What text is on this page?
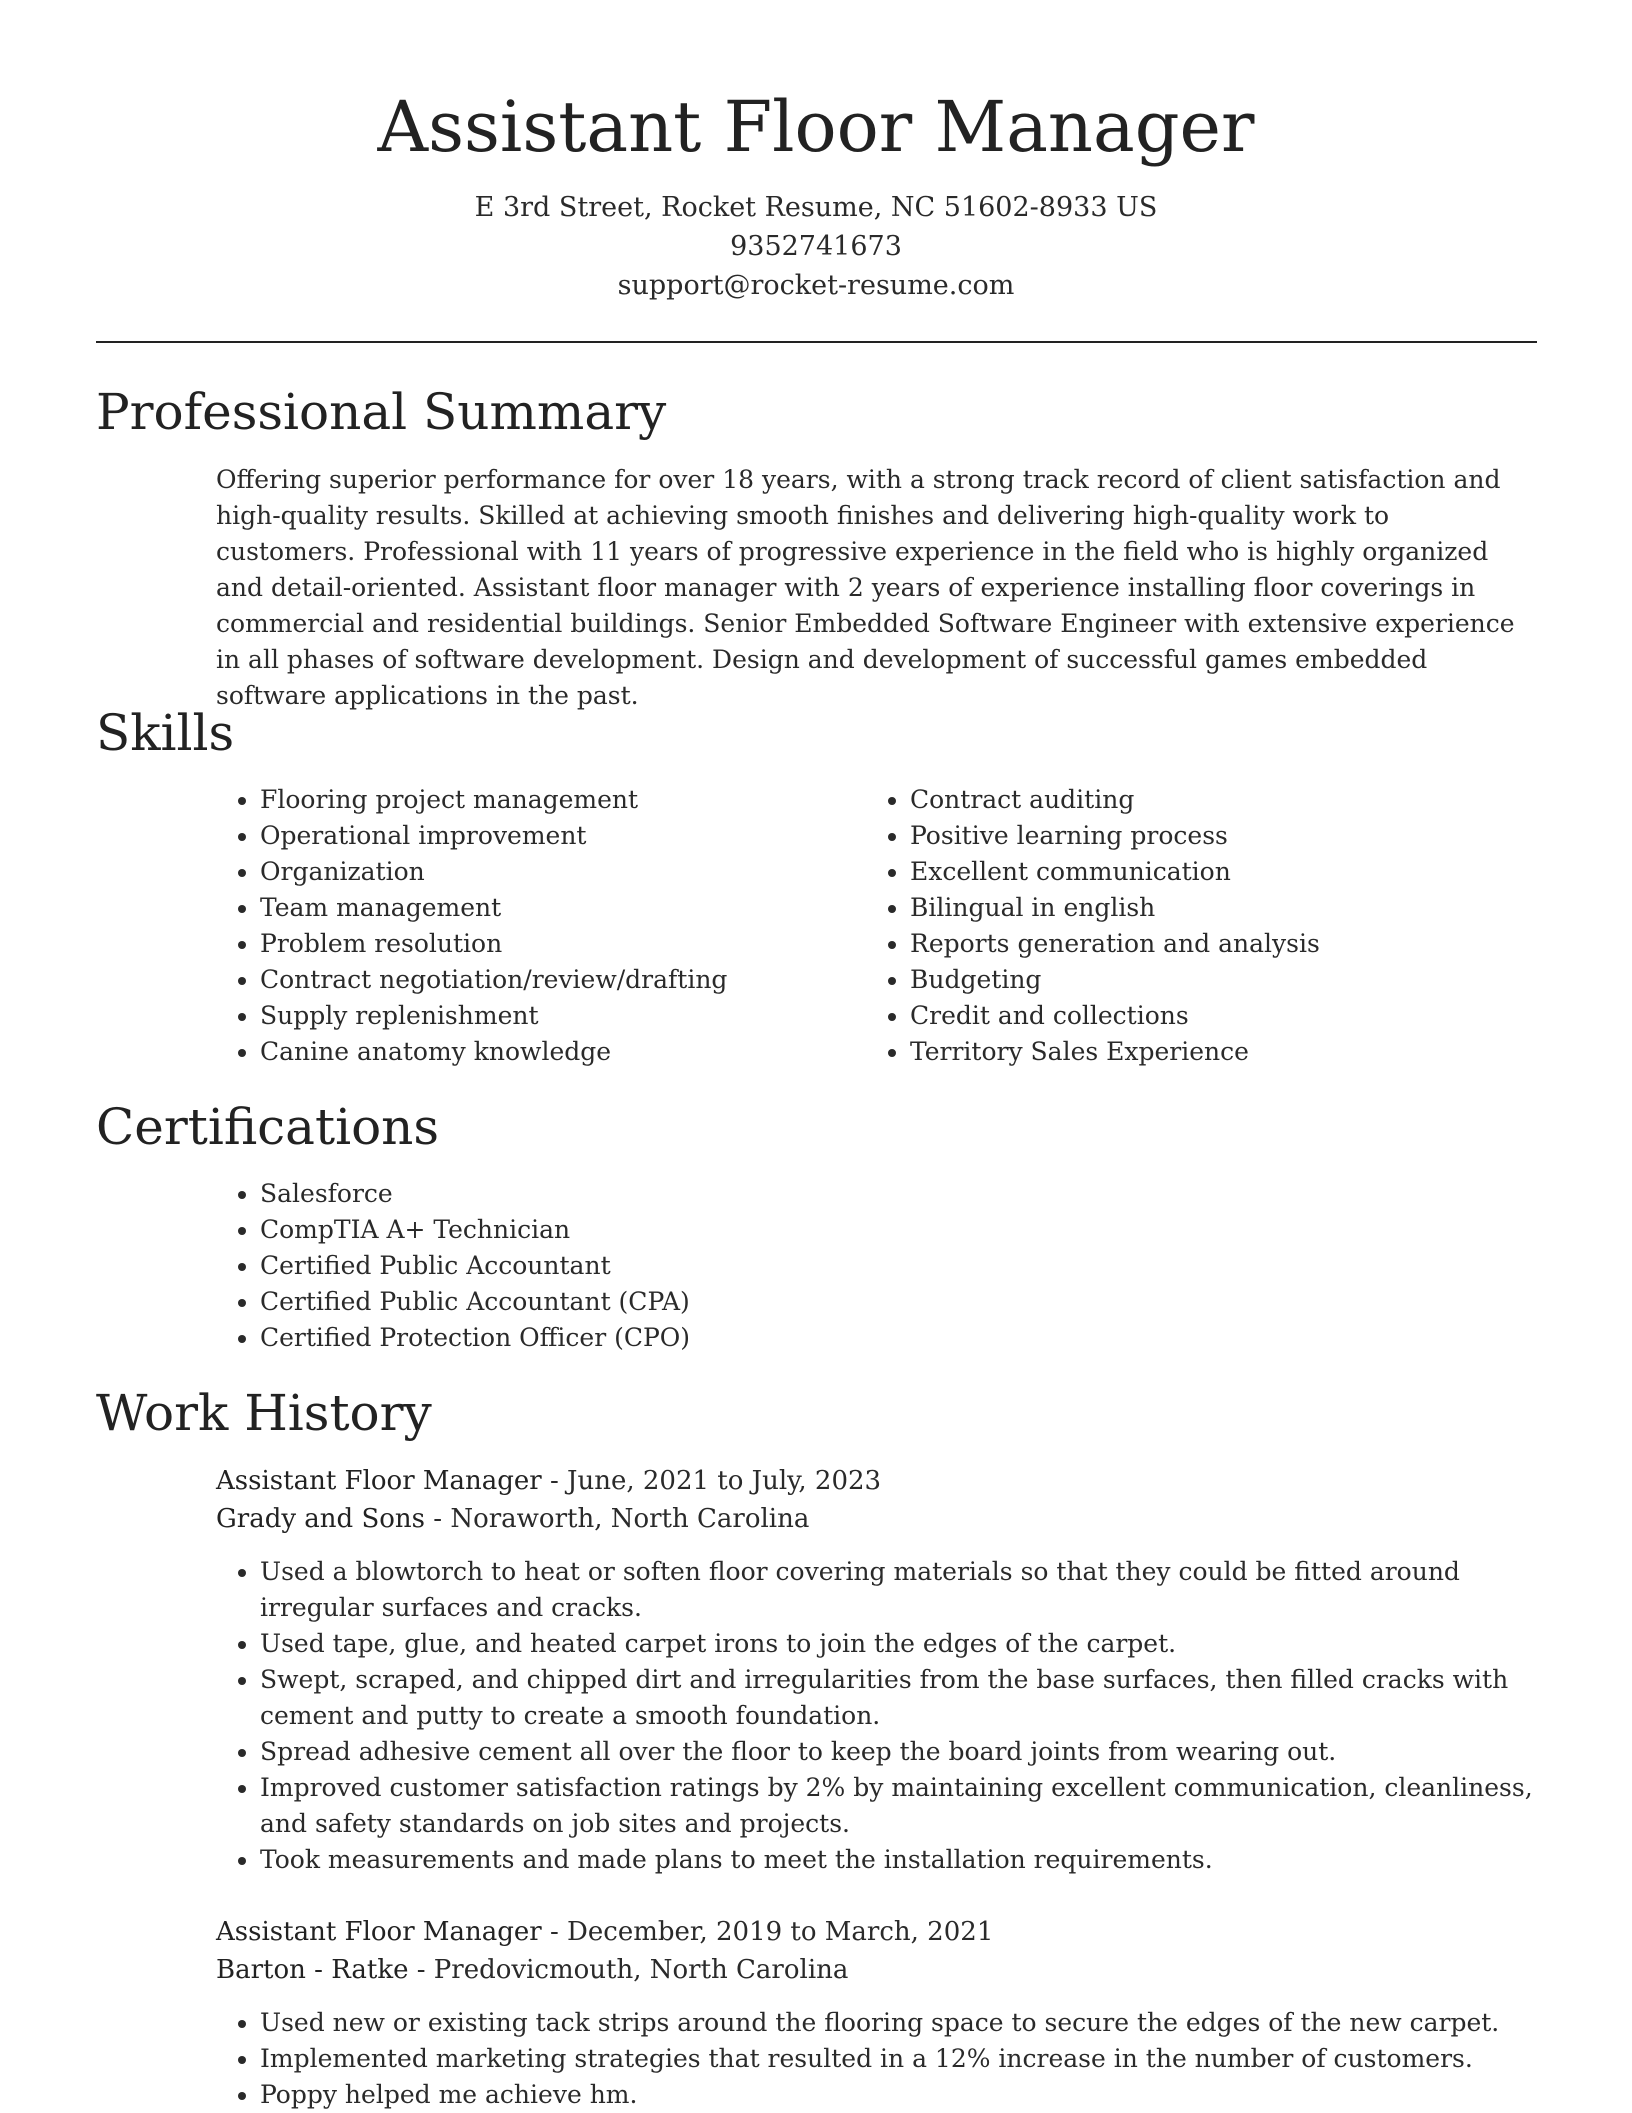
Assistant Floor Manager
E 3rd Street, Rocket Resume, NC 51602-8933 US
9352741673
support@rocket-resume.com
Professional Summary
Offering superior performance for over 18 years, with a strong track record of client satisfaction and high-quality results. Skilled at achieving smooth finishes and delivering high-quality work to customers. Professional with 11 years of progressive experience in the field who is highly organized and detail-oriented. Assistant floor manager with 2 years of experience installing floor coverings in commercial and residential buildings. Senior Embedded Software Engineer with extensive experience in all phases of software development. Design and development of successful games embedded software applications in the past.
Skills
• Flooring project management
• Operational improvement
• Organization
• Team management
• Problem resolution
• Contract negotiation/review/drafting
• Supply replenishment
• Canine anatomy knowledge
• Contract auditing
• Positive learning process
• Excellent communication
• Bilingual in english
• Reports generation and analysis
• Budgeting
• Credit and collections
• Territory Sales Experience
Certifications
• Salesforce
• CompTIA A+ Technician
• Certified Public Accountant
• Certified Public Accountant (CPA)
• Certified Protection Officer (CPO)
Work History
Assistant Floor Manager - June, 2021 to July, 2023
Grady and Sons - Noraworth, North Carolina
• Used a blowtorch to heat or soften floor covering materials so that they could be fitted around irregular surfaces and cracks.
• Used tape, glue, and heated carpet irons to join the edges of the carpet.
• Swept, scraped, and chipped dirt and irregularities from the base surfaces, then filled cracks with cement and putty to create a smooth foundation.
• Spread adhesive cement all over the floor to keep the board joints from wearing out.
• Improved customer satisfaction ratings by 2% by maintaining excellent communication, cleanliness, and safety standards on job sites and projects.
• Took measurements and made plans to meet the installation requirements.
Assistant Floor Manager - December, 2019 to March, 2021
Barton - Ratke - Predovicmouth, North Carolina
• Used new or existing tack strips around the flooring space to secure the edges of the new carpet.
• Implemented marketing strategies that resulted in a 12% increase in the number of customers.
• Poppy helped me achieve hm.
